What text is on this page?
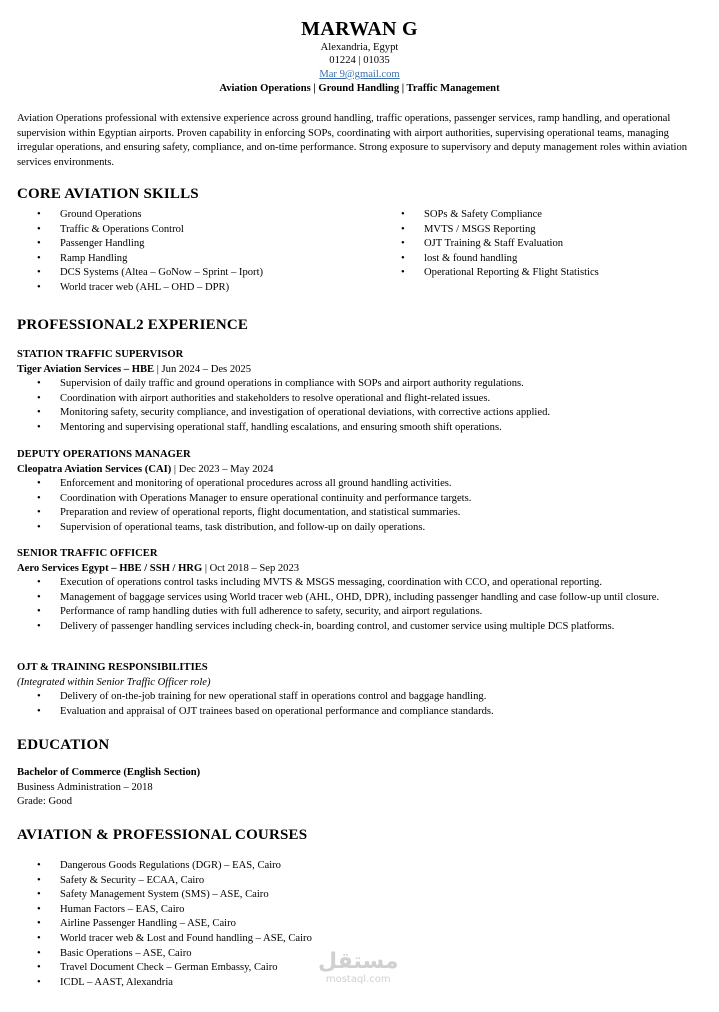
MARWAN G
Alexandria, Egypt
01224 | 01035
Mar 9@gmail.com
Aviation Operations | Ground Handling | Traffic Management
Aviation Operations professional with extensive experience across ground handling, traffic operations, passenger services, ramp handling, and operational supervision within Egyptian airports. Proven capability in enforcing SOPs, coordinating with airport authorities, supervising operational teams, managing irregular operations, and ensuring safety, compliance, and on-time performance. Strong exposure to supervisory and deputy management roles within aviation services environments.
CORE AVIATION SKILLS
• Ground Operations
• Traffic & Operations Control
• Passenger Handling
• Ramp Handling
• DCS Systems (Altea – GoNow – Sprint – Iport)
• World tracer web (AHL – OHD – DPR)
• SOPs & Safety Compliance
• MVTS / MSGS Reporting
• OJT Training & Staff Evaluation
• lost & found handling
• Operational Reporting & Flight Statistics
PROFESSIONAL2 EXPERIENCE
STATION TRAFFIC SUPERVISOR
Tiger Aviation Services – HBE | Jun 2024 – Des 2025
• Supervision of daily traffic and ground operations in compliance with SOPs and airport authority regulations.
• Coordination with airport authorities and stakeholders to resolve operational and flight-related issues.
• Monitoring safety, security compliance, and investigation of operational deviations, with corrective actions applied.
• Mentoring and supervising operational staff, handling escalations, and ensuring smooth shift operations.
DEPUTY OPERATIONS MANAGER
Cleopatra Aviation Services (CAI) | Dec 2023 – May 2024
• Enforcement and monitoring of operational procedures across all ground handling activities.
• Coordination with Operations Manager to ensure operational continuity and performance targets.
• Preparation and review of operational reports, flight documentation, and statistical summaries.
• Supervision of operational teams, task distribution, and follow-up on daily operations.
SENIOR TRAFFIC OFFICER
Aero Services Egypt – HBE / SSH / HRG | Oct 2018 – Sep 2023
• Execution of operations control tasks including MVTS & MSGS messaging, coordination with CCO, and operational reporting.
• Management of baggage services using World tracer web (AHL, OHD, DPR), including passenger handling and case follow-up until closure.
• Performance of ramp handling duties with full adherence to safety, security, and airport regulations.
• Delivery of passenger handling services including check-in, boarding control, and customer service using multiple DCS platforms.
OJT & TRAINING RESPONSIBILITIES
(Integrated within Senior Traffic Officer role)
• Delivery of on-the-job training for new operational staff in operations control and baggage handling.
• Evaluation and appraisal of OJT trainees based on operational performance and compliance standards.
EDUCATION
Bachelor of Commerce (English Section)
Business Administration – 2018
Grade: Good
AVIATION & PROFESSIONAL COURSES
• Dangerous Goods Regulations (DGR) – EAS, Cairo
• Safety & Security – ECAA, Cairo
• Safety Management System (SMS) – ASE, Cairo
• Human Factors – EAS, Cairo
• Airline Passenger Handling – ASE, Cairo
• World tracer web & Lost and Found handling – ASE, Cairo
• Basic Operations – ASE, Cairo
• Travel Document Check – German Embassy, Cairo
• ICDL – AAST, Alexandria
مستقل
mostaql.com
